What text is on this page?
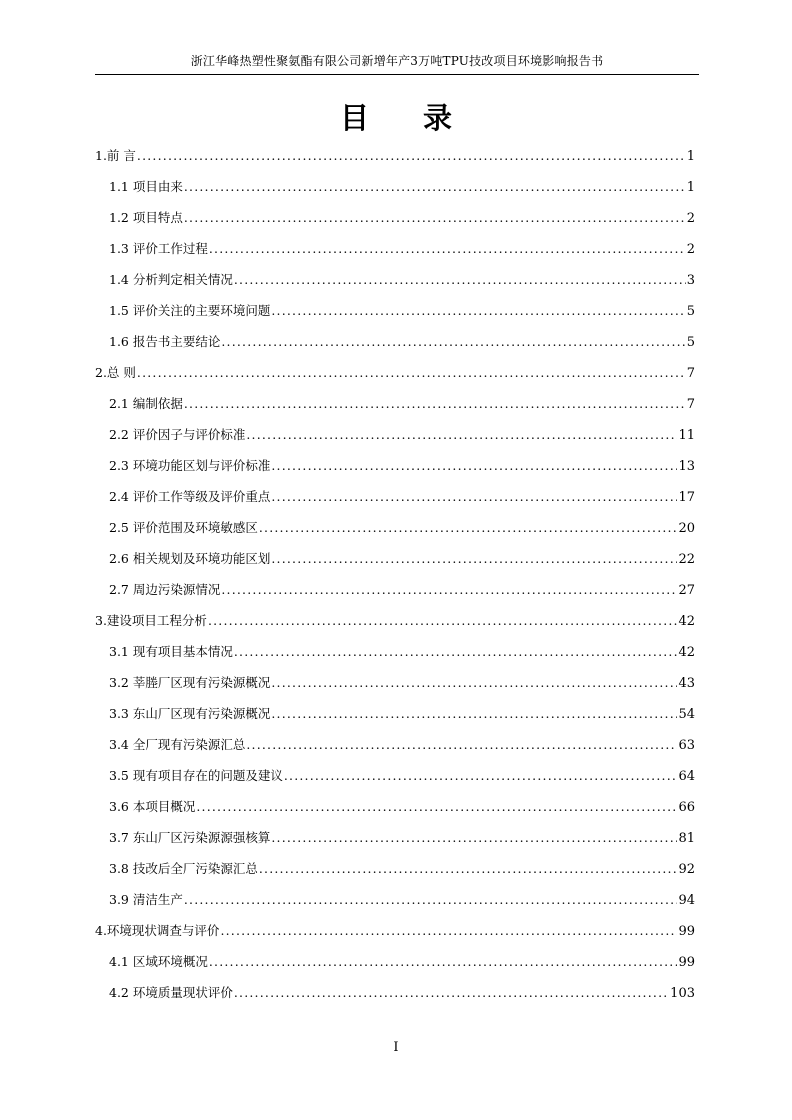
浙江华峰热塑性聚氨酯有限公司新增年产3万吨TPU技改项目环境影响报告书
目 录
1.前 言 .....	1
1.1 项目由来 .....	1
1.2 项目特点 .....	2
1.3 评价工作过程 .....	2
1.4 分析判定相关情况 .....	3
1.5 评价关注的主要环境问题 .....	5
1.6 报告书主要结论 .....	5
2.总 则 .....	7
2.1 编制依据 .....	7
2.2 评价因子与评价标准 .....	11
2.3 环境功能区划与评价标准 .....	13
2.4 评价工作等级及评价重点 .....	17
2.5 评价范围及环境敏感区 .....	20
2.6 相关规划及环境功能区划 .....	22
2.7 周边污染源情况 .....	27
3.建设项目工程分析 .....	42
3.1 现有项目基本情况 .....	42
3.2 莘塍厂区现有污染源概况 .....	43
3.3 东山厂区现有污染源概况 .....	54
3.4 全厂现有污染源汇总 .....	63
3.5 现有项目存在的问题及建议 .....	64
3.6 本项目概况 .....	66
3.7 东山厂区污染源源强核算 .....	81
3.8 技改后全厂污染源汇总 .....	92
3.9 清洁生产 .....	94
4.环境现状调查与评价 .....	99
4.1 区域环境概况 .....	99
4.2 环境质量现状评价 .....	103
I
